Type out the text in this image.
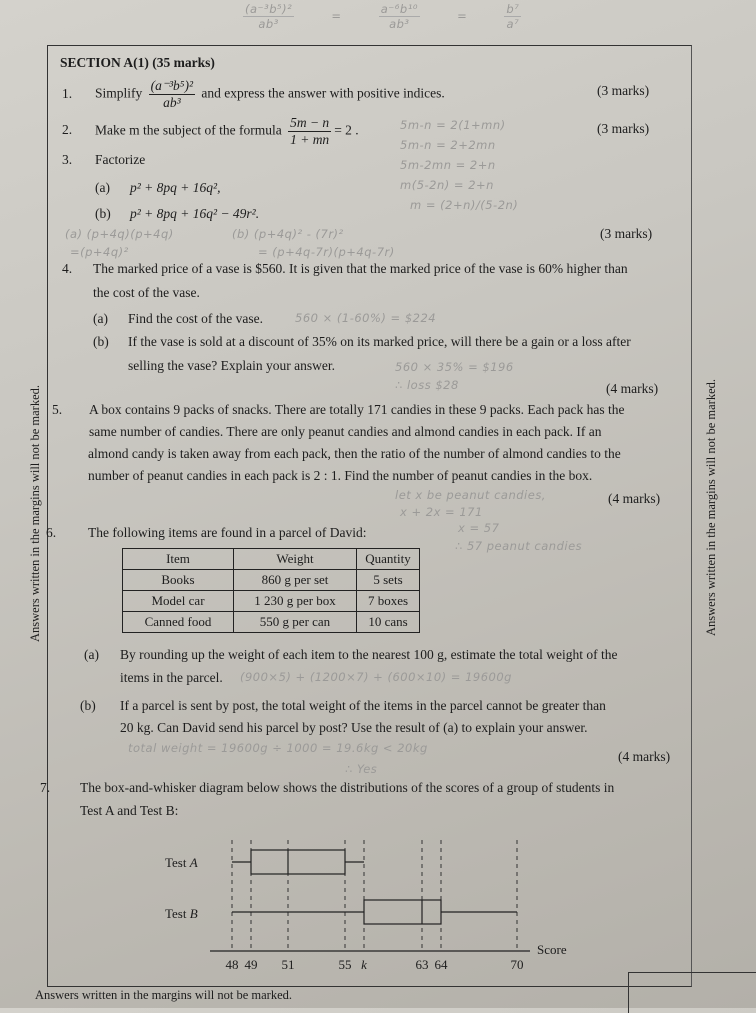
$\frac{\text{(a⁻³b⁵)²}}{\text{ab³}}$	=	$\frac{\text{a⁻⁶b¹⁰}}{\text{ab³}}$	=	$\frac{\text{b⁷}}{\text{a⁷}}$
Answers written in the margins will not be marked.	Answers written in the margins will not be marked.
SECTION A(1) (35 marks)
1. Simplify $\frac{\text{(a⁻³b⁵)²}}{\text{ab³}}$ and express the answer with positive indices.	(3 marks)
2. Make m the subject of the formula $\frac{5m - n}{1 + mn} = 2$ .	(3 marks)
5m-n = 2(1+mn)
5m-n = 2+2mn
5m-2mn = 2+n
m(5-2n) = 2+n
m = (2+n)/(5-2n)
3. Factorize
(a) p² + 8pq + 16q²,
(b) p² + 8pq + 16q² − 49r².
(a) (p+4q)(p+4q)
=(p+4q)²
(b) (p+4q)² - (7r)²
= (p+4q-7r)(p+4q-7r)
(3 marks)
4. The marked price of a vase is $560. It is given that the marked price of the vase is 60% higher than
the cost of the vase.
(a) Find the cost of the vase.	560 × (1-60%) = $224
(b) If the vase is sold at a discount of 35% on its marked price, will there be a gain or a loss after
selling the vase? Explain your answer.	560 × 35% = $196
∴ loss $28	(4 marks)
5. A box contains 9 packs of snacks. There are totally 171 candies in these 9 packs. Each pack has the
same number of candies. There are only peanut candies and almond candies in each pack. If an
almond candy is taken away from each pack, then the ratio of the number of almond candies to the
number of peanut candies in each pack is 2 : 1. Find the number of peanut candies in the box.
let x be peanut candies,
x + 2x = 171
x = 57
∴ 57 peanut candies
(4 marks)
6. The following items are found in a parcel of David:
Item	Weight	Quantity
Books	860 g per set	5 sets
Model car	1 230 g per box	7 boxes
Canned food	550 g per can	10 cans
(a) By rounding up the weight of each item to the nearest 100 g, estimate the total weight of the
items in the parcel. (900×5) + (1200×7) + (600×10) = 19600g
(b) If a parcel is sent by post, the total weight of the items in the parcel cannot be greater than
20 kg. Can David send his parcel by post? Use the result of (a) to explain your answer.
total weight = 19600g ÷ 1000 = 19.6kg < 20kg
∴ Yes
(4 marks)
7. The box-and-whisker diagram below shows the distributions of the scores of a group of students in
Test A and Test B:
Score
48 49 51	55 k	63 64	70
Test A
Test B
Answers written in the margins will not be marked.
